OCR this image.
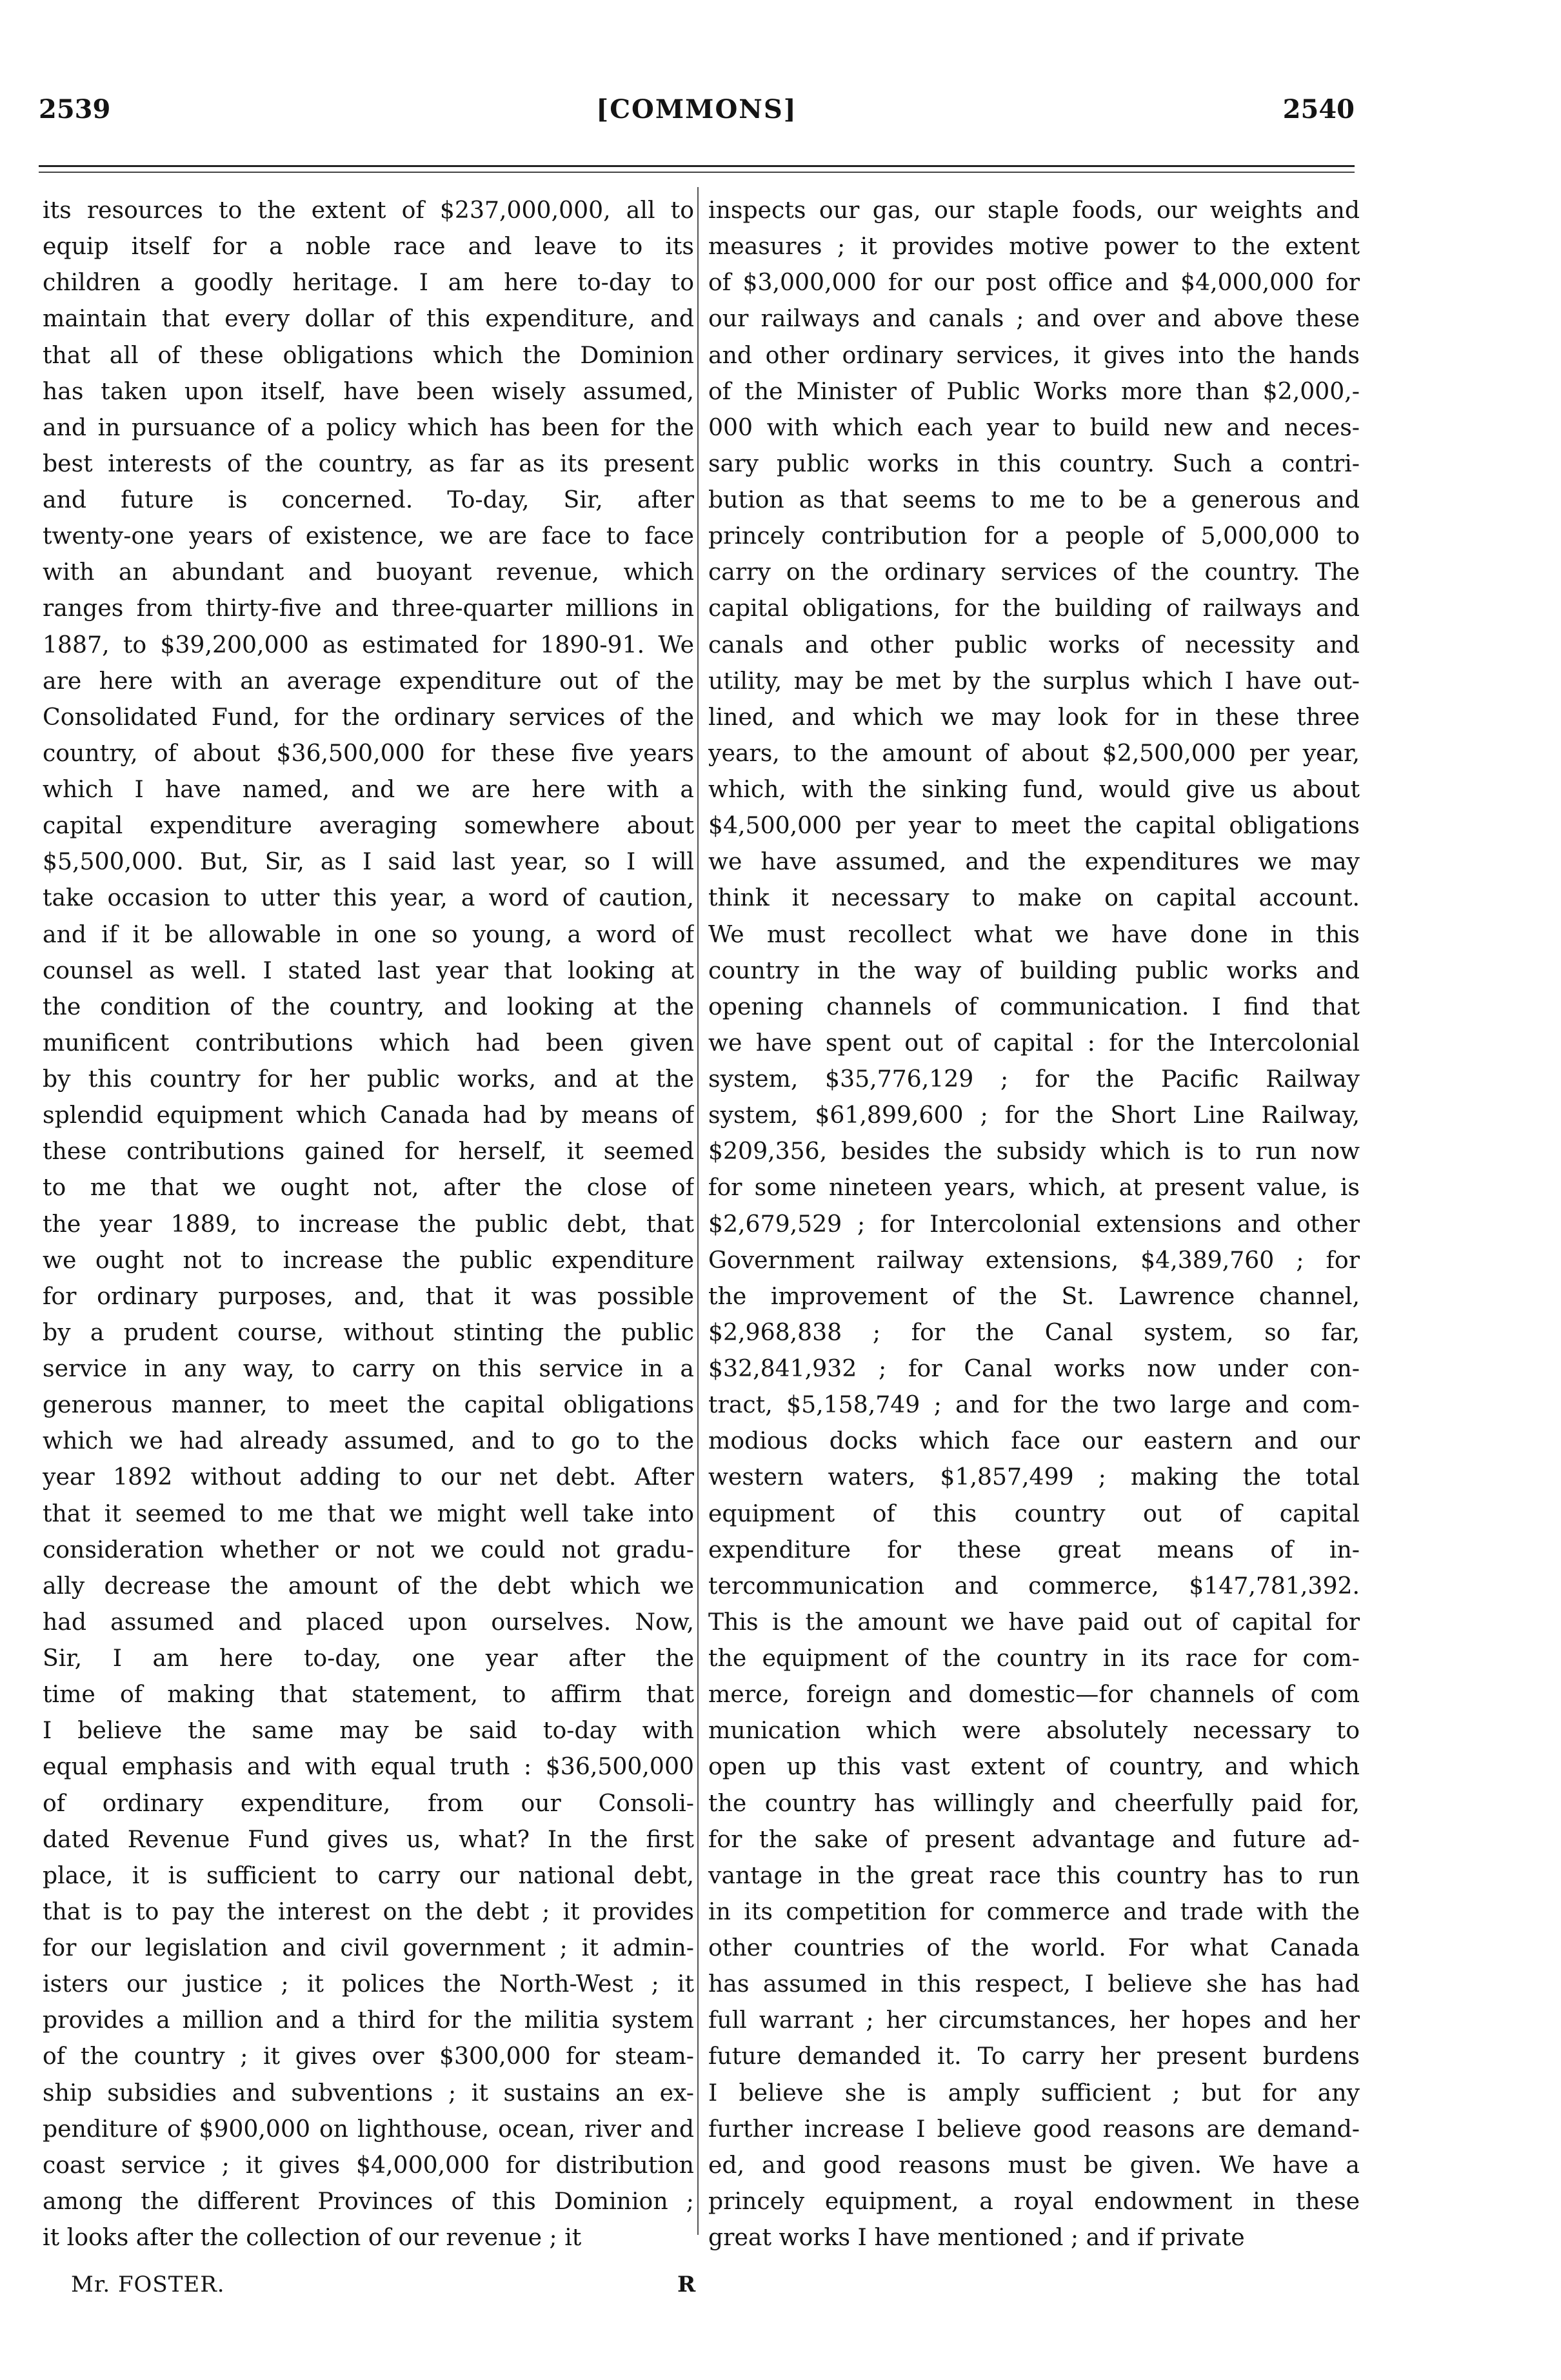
2539	[COMMONS]	2540
its resources to the extent of $237,000,000, all to
equip itself for a noble race and leave to its
children a goodly heritage. I am here to-day to
maintain that every dollar of this expenditure, and
that all of these obligations which the Dominion
has taken upon itself, have been wisely assumed,
and in pursuance of a policy which has been for the
best interests of the country, as far as its present
and future is concerned. To-day, Sir, after
twenty-one years of existence, we are face to face
with an abundant and buoyant revenue, which
ranges from thirty-five and three-quarter millions in
1887, to $39,200,000 as estimated for 1890-91. We
are here with an average expenditure out of the
Consolidated Fund, for the ordinary services of the
country, of about $36,500,000 for these five years
which I have named, and we are here with a
capital expenditure averaging somewhere about
$5,500,000. But, Sir, as I said last year, so I will
take occasion to utter this year, a word of caution,
and if it be allowable in one so young, a word of
counsel as well. I stated last year that looking at
the condition of the country, and looking at the
munificent contributions which had been given
by this country for her public works, and at the
splendid equipment which Canada had by means of
these contributions gained for herself, it seemed
to me that we ought not, after the close of
the year 1889, to increase the public debt, that
we ought not to increase the public expenditure
for ordinary purposes, and, that it was possible
by a prudent course, without stinting the public
service in any way, to carry on this service in a
generous manner, to meet the capital obligations
which we had already assumed, and to go to the
year 1892 without adding to our net debt. After
that it seemed to me that we might well take into
consideration whether or not we could not gradu-
ally decrease the amount of the debt which we
had assumed and placed upon ourselves. Now,
Sir, I am here to-day, one year after the
time of making that statement, to affirm that
I believe the same may be said to-day with
equal emphasis and with equal truth : $36,500,000
of ordinary expenditure, from our Consoli-
dated Revenue Fund gives us, what? In the first
place, it is sufficient to carry our national debt,
that is to pay the interest on the debt ; it provides
for our legislation and civil government ; it admin-
isters our justice ; it polices the North-West ; it
provides a million and a third for the militia system
of the country ; it gives over $300,000 for steam-
ship subsidies and subventions ; it sustains an ex-
penditure of $900,000 on lighthouse, ocean, river and
coast service ; it gives $4,000,000 for distribution
among the different Provinces of this Dominion ;
it looks after the collection of our revenue ; it
inspects our gas, our staple foods, our weights and
measures ; it provides motive power to the extent
of $3,000,000 for our post office and $4,000,000 for
our railways and canals ; and over and above these
and other ordinary services, it gives into the hands
of the Minister of Public Works more than $2,000,-
000 with which each year to build new and neces-
sary public works in this country. Such a contri-
bution as that seems to me to be a generous and
princely contribution for a people of 5,000,000 to
carry on the ordinary services of the country. The
capital obligations, for the building of railways and
canals and other public works of necessity and
utility, may be met by the surplus which I have out-
lined, and which we may look for in these three
years, to the amount of about $2,500,000 per year,
which, with the sinking fund, would give us about
$4,500,000 per year to meet the capital obligations
we have assumed, and the expenditures we may
think it necessary to make on capital account.
We must recollect what we have done in this
country in the way of building public works and
opening channels of communication. I find that
we have spent out of capital : for the Intercolonial
system, $35,776,129 ; for the Pacific Railway
system, $61,899,600 ; for the Short Line Railway,
$209,356, besides the subsidy which is to run now
for some nineteen years, which, at present value, is
$2,679,529 ; for Intercolonial extensions and other
Government railway extensions, $4,389,760 ; for
the improvement of the St. Lawrence channel,
$2,968,838 ; for the Canal system, so far,
$32,841,932 ; for Canal works now under con-
tract, $5,158,749 ; and for the two large and com-
modious docks which face our eastern and our
western waters, $1,857,499 ; making the total
equipment of this country out of capital
expenditure for these great means of in-
tercommunication and commerce, $147,781,392.
This is the amount we have paid out of capital for
the equipment of the country in its race for com-
merce, foreign and domestic—for channels of com
munication which were absolutely necessary to
open up this vast extent of country, and which
the country has willingly and cheerfully paid for,
for the sake of present advantage and future ad-
vantage in the great race this country has to run
in its competition for commerce and trade with the
other countries of the world. For what Canada
has assumed in this respect, I believe she has had
full warrant ; her circumstances, her hopes and her
future demanded it. To carry her present burdens
I believe she is amply sufficient ; but for any
further increase I believe good reasons are demand-
ed, and good reasons must be given. We have a
princely equipment, a royal endowment in these
great works I have mentioned ; and if private
Mr. FOSTER.	R
